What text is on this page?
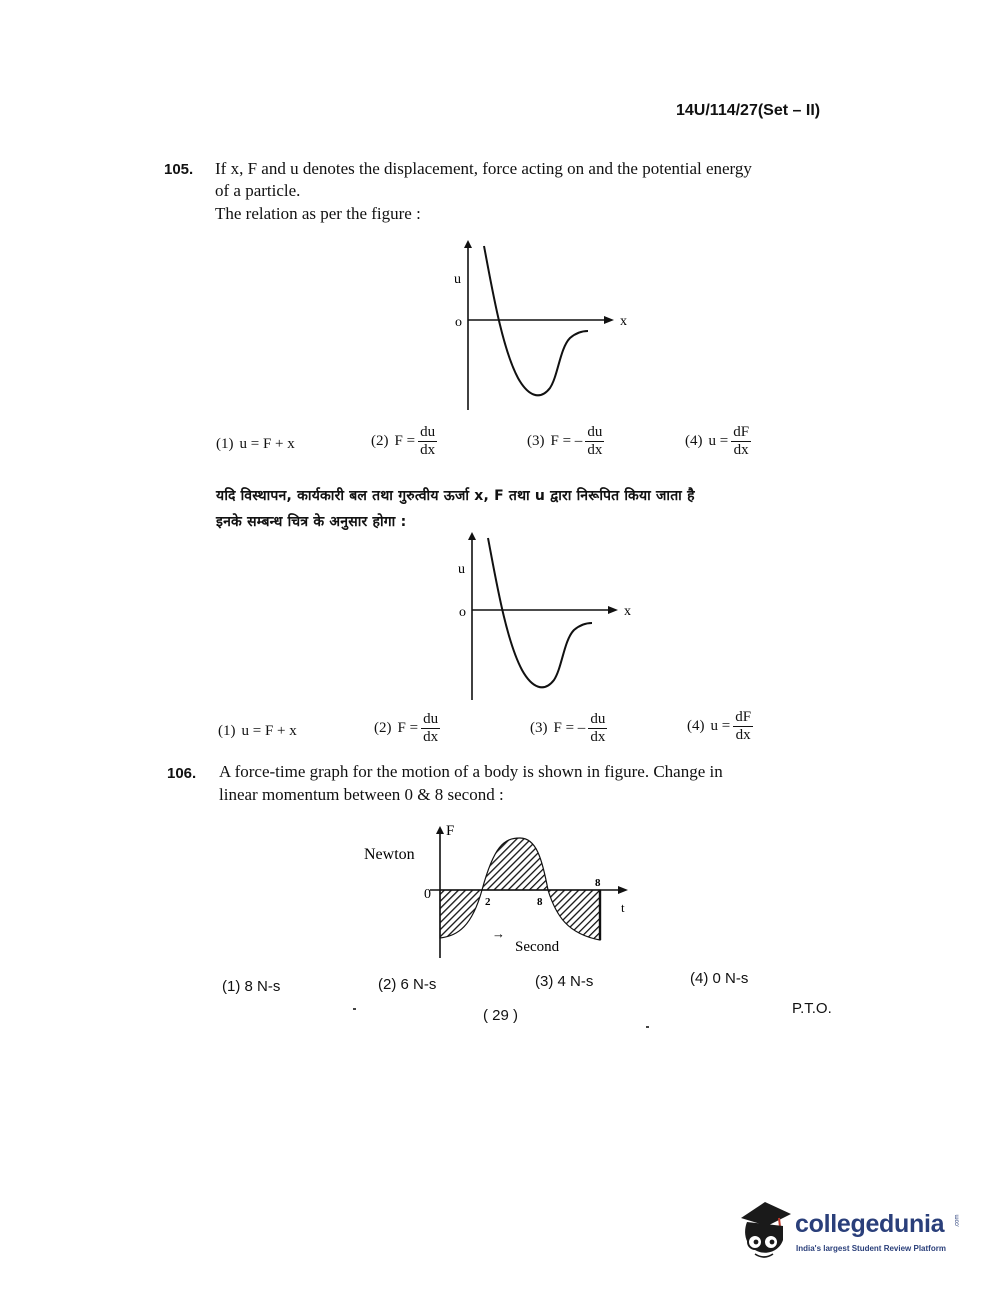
14U/114/27(Set – II)
105. If x, F and u denotes the displacement, force acting on and the potential energy
of a particle.
The relation as per the figure :
u
o	x
(1) u = F + x	(2) $F = \frac{du}{dx}$	(3) F = – $\frac{du}{dx}$	(4) $u = \frac{dF}{dx}$
यदि विस्थापन, कार्यकारी बल तथा गुरुत्वीय ऊर्जा x, F तथा u द्वारा निरूपित किया जाता है
इनके सम्बन्ध चित्र के अनुसार होगा :
u
o	x
(1) u = F + x	(2) $F = \frac{du}{dx}$	(3) F = – $\frac{du}{dx}$	(4) $u = \frac{dF}{dx}$
106. A force-time graph for the motion of a body is shown in figure. Change in
linear momentum between 0 & 8 second :
F
Newton
0	2	8
8
t
→
Second
(1) 8 N-s	(2) 6 N-s	(3) 4 N-s	(4) 0 N-s
( 29 )	P.T.O.
collegedunia .com
India's largest Student Review Platform
